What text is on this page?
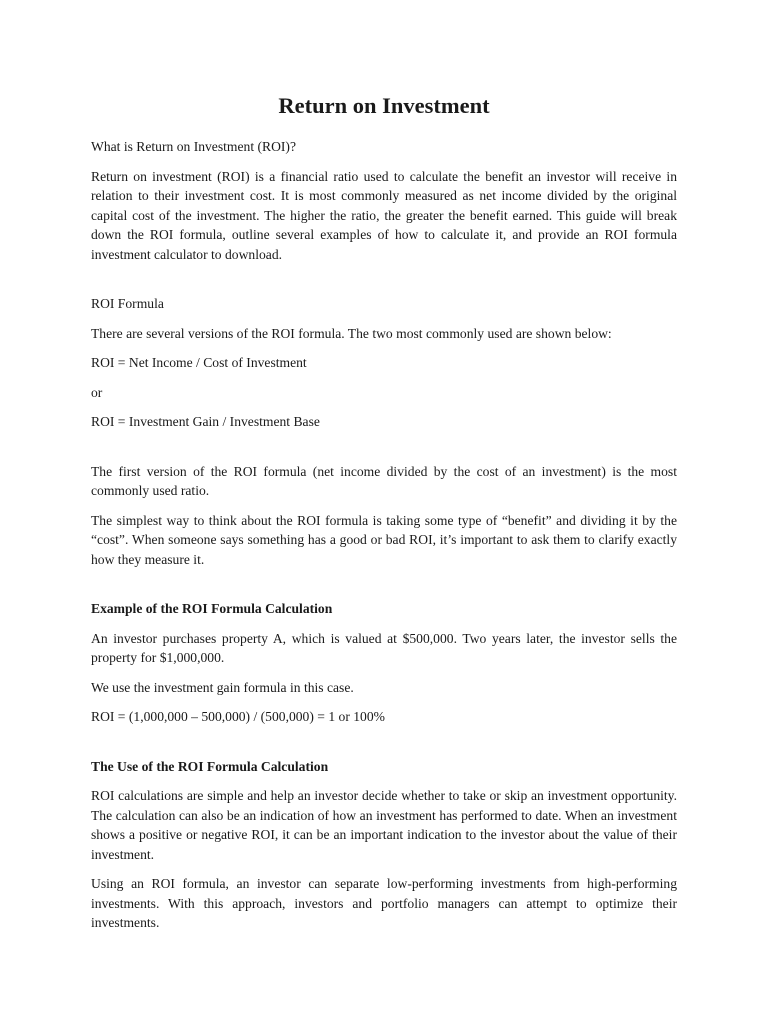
Return on Investment

What is Return on Investment (ROI)?

Return on investment (ROI) is a financial ratio used to calculate the benefit an investor will receive in relation to their investment cost. It is most commonly measured as net income divided by the original capital cost of the investment. The higher the ratio, the greater the benefit earned. This guide will break down the ROI formula, outline several examples of how to calculate it, and provide an ROI formula investment calculator to download.

ROI Formula

There are several versions of the ROI formula. The two most commonly used are shown below:

ROI = Net Income / Cost of Investment

or

ROI = Investment Gain / Investment Base

The first version of the ROI formula (net income divided by the cost of an investment) is the most commonly used ratio.

The simplest way to think about the ROI formula is taking some type of “benefit” and dividing it by the “cost”. When someone says something has a good or bad ROI, it’s important to ask them to clarify exactly how they measure it.

Example of the ROI Formula Calculation

An investor purchases property A, which is valued at $500,000. Two years later, the investor sells the property for $1,000,000.

We use the investment gain formula in this case.

ROI = (1,000,000 – 500,000) / (500,000) = 1 or 100%

The Use of the ROI Formula Calculation

ROI calculations are simple and help an investor decide whether to take or skip an investment opportunity. The calculation can also be an indication of how an investment has performed to date. When an investment shows a positive or negative ROI, it can be an important indication to the investor about the value of their investment.

Using an ROI formula, an investor can separate low-performing investments from high-performing investments. With this approach, investors and portfolio managers can attempt to optimize their investments.
